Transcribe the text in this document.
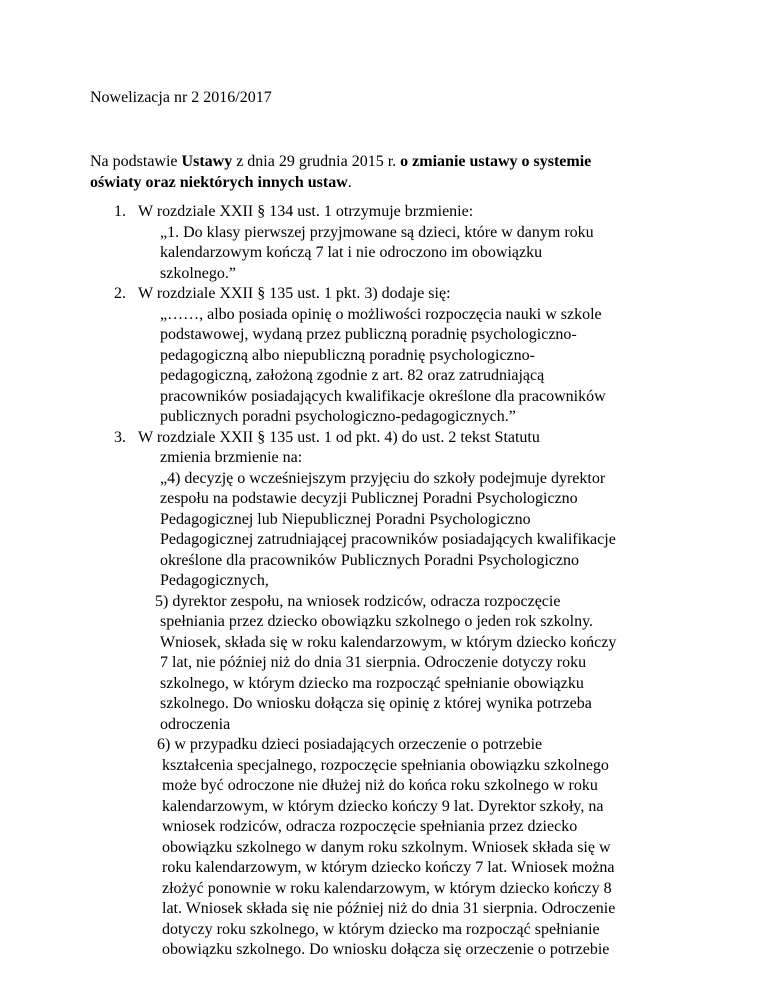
Nowelizacja nr 2 2016/2017

Na podstawie Ustawy z dnia 29 grudnia 2015 r. o zmianie ustawy o systemie
oświaty oraz niektórych innych ustaw.

1. W rozdziale XXII § 134 ust. 1 otrzymuje brzmienie:
„1. Do klasy pierwszej przyjmowane są dzieci, które w danym roku
kalendarzowym kończą 7 lat i nie odroczono im obowiązku
szkolnego.”
2. W rozdziale XXII § 135 ust. 1 pkt. 3) dodaje się:
„……, albo posiada opinię o możliwości rozpoczęcia nauki w szkole
podstawowej, wydaną przez publiczną poradnię psychologiczno-
pedagogiczną albo niepubliczną poradnię psychologiczno-
pedagogiczną, założoną zgodnie z art. 82 oraz zatrudniającą
pracowników posiadających kwalifikacje określone dla pracowników
publicznych poradni psychologiczno-pedagogicznych.”
3. W rozdziale XXII § 135 ust. 1 od pkt. 4) do ust. 2 tekst Statutu
zmienia brzmienie na:
„4) decyzję o wcześniejszym przyjęciu do szkoły podejmuje dyrektor
zespołu na podstawie decyzji Publicznej Poradni Psychologiczno
Pedagogicznej lub Niepublicznej Poradni Psychologiczno
Pedagogicznej zatrudniającej pracowników posiadających kwalifikacje
określone dla pracowników Publicznych Poradni Psychologiczno
Pedagogicznych,
5) dyrektor zespołu, na wniosek rodziców, odracza rozpoczęcie
spełniania przez dziecko obowiązku szkolnego o jeden rok szkolny.
Wniosek, składa się w roku kalendarzowym, w którym dziecko kończy
7 lat, nie później niż do dnia 31 sierpnia. Odroczenie dotyczy roku
szkolnego, w którym dziecko ma rozpocząć spełnianie obowiązku
szkolnego. Do wniosku dołącza się opinię z której wynika potrzeba
odroczenia
6) w przypadku dzieci posiadających orzeczenie o potrzebie
kształcenia specjalnego, rozpoczęcie spełniania obowiązku szkolnego
może być odroczone nie dłużej niż do końca roku szkolnego w roku
kalendarzowym, w którym dziecko kończy 9 lat. Dyrektor szkoły, na
wniosek rodziców, odracza rozpoczęcie spełniania przez dziecko
obowiązku szkolnego w danym roku szkolnym. Wniosek składa się w
roku kalendarzowym, w którym dziecko kończy 7 lat. Wniosek można
złożyć ponownie w roku kalendarzowym, w którym dziecko kończy 8
lat. Wniosek składa się nie później niż do dnia 31 sierpnia. Odroczenie
dotyczy roku szkolnego, w którym dziecko ma rozpocząć spełnianie
obowiązku szkolnego. Do wniosku dołącza się orzeczenie o potrzebie
